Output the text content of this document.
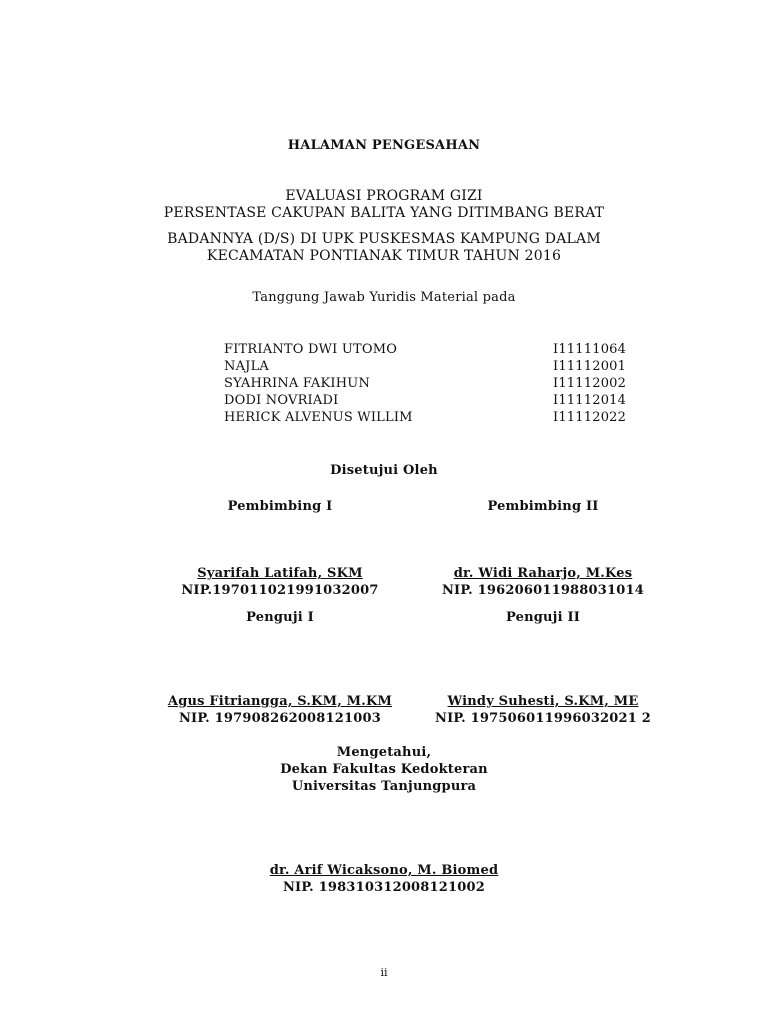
HALAMAN PENGESAHAN
EVALUASI PROGRAM GIZI
PERSENTASE CAKUPAN BALITA YANG DITIMBANG BERAT
BADANNYA (D/S) DI UPK PUSKESMAS KAMPUNG DALAM
KECAMATAN PONTIANAK TIMUR TAHUN 2016
Tanggung Jawab Yuridis Material pada
FITRIANTO DWI UTOMO	I11111064
NAJLA	I11112001
SYAHRINA FAKIHUN	I11112002
DODI NOVRIADI	I11112014
HERICK ALVENUS WILLIM	I11112022
Disetujui Oleh
Pembimbing I	Pembimbing II
Syarifah Latifah, SKM	dr. Widi Raharjo, M.Kes
NIP.197011021991032007	NIP. 196206011988031014
Penguji I	Penguji II
Agus Fitriangga, S.KM, M.KM	Windy Suhesti, S.KM, ME
NIP. 197908262008121003	NIP. 197506011996032021 2
Mengetahui,
Dekan Fakultas Kedokteran
Universitas Tanjungpura
dr. Arif Wicaksono, M. Biomed
NIP. 198310312008121002
ii
